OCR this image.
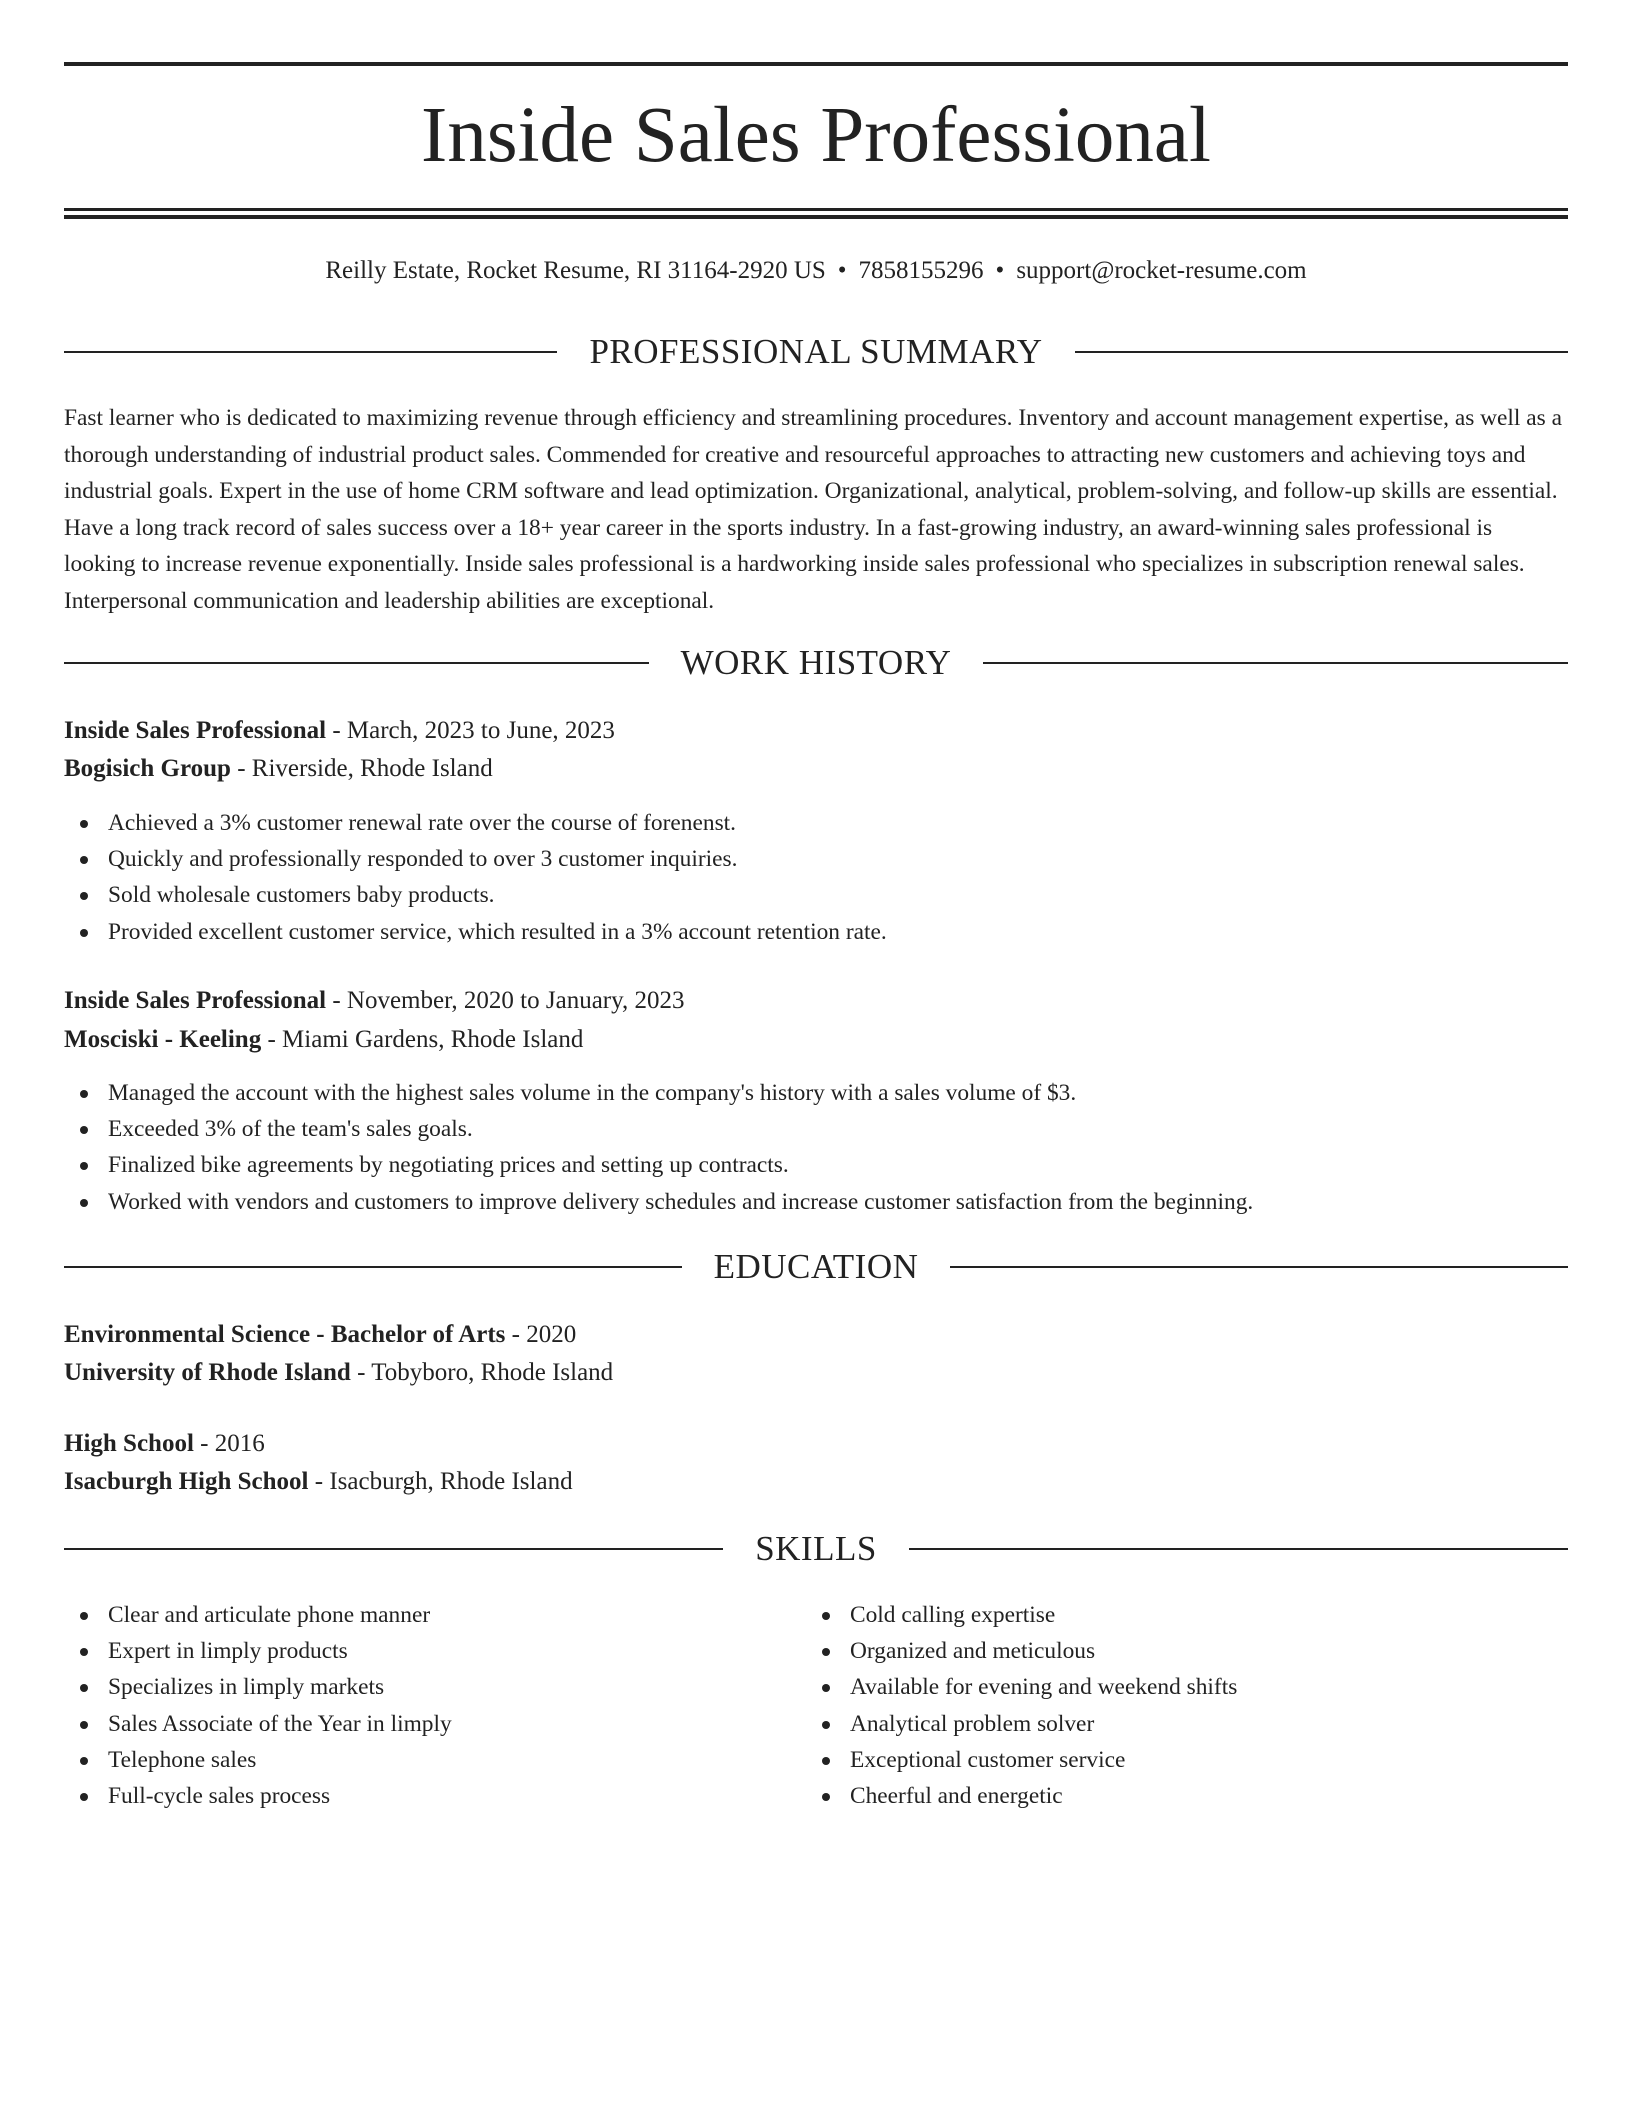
Inside Sales Professional
Reilly Estate, Rocket Resume, RI 31164-2920 US • 7858155296 • support@rocket-resume.com
PROFESSIONAL SUMMARY

Fast learner who is dedicated to maximizing revenue through efficiency and streamlining procedures. Inventory and account management expertise, as well as a thorough understanding of industrial product sales. Commended for creative and resourceful approaches to attracting new customers and achieving toys and industrial goals. Expert in the use of home CRM software and lead optimization. Organizational, analytical, problem-solving, and follow-up skills are essential. Have a long track record of sales success over a 18+ year career in the sports industry. In a fast-growing industry, an award-winning sales professional is looking to increase revenue exponentially. Inside sales professional is a hardworking inside sales professional who specializes in subscription renewal sales. Interpersonal communication and leadership abilities are exceptional.

WORK HISTORY
Inside Sales Professional - March, 2023 to June, 2023
Bogisich Group - Riverside, Rhode Island
Achieved a 3% customer renewal rate over the course of forenenst.
Quickly and professionally responded to over 3 customer inquiries.
Sold wholesale customers baby products.
Provided excellent customer service, which resulted in a 3% account retention rate.
Inside Sales Professional - November, 2020 to January, 2023
Mosciski - Keeling - Miami Gardens, Rhode Island
Managed the account with the highest sales volume in the company's history with a sales volume of $3.
Exceeded 3% of the team's sales goals.
Finalized bike agreements by negotiating prices and setting up contracts.
Worked with vendors and customers to improve delivery schedules and increase customer satisfaction from the beginning.
EDUCATION
Environmental Science - Bachelor of Arts - 2020
University of Rhode Island - Tobyboro, Rhode Island
High School - 2016
Isacburgh High School - Isacburgh, Rhode Island
SKILLS
Clear and articulate phone manner
Expert in limply products
Specializes in limply markets
Sales Associate of the Year in limply
Telephone sales
Full-cycle sales process
Cold calling expertise
Organized and meticulous
Available for evening and weekend shifts
Analytical problem solver
Exceptional customer service
Cheerful and energetic
